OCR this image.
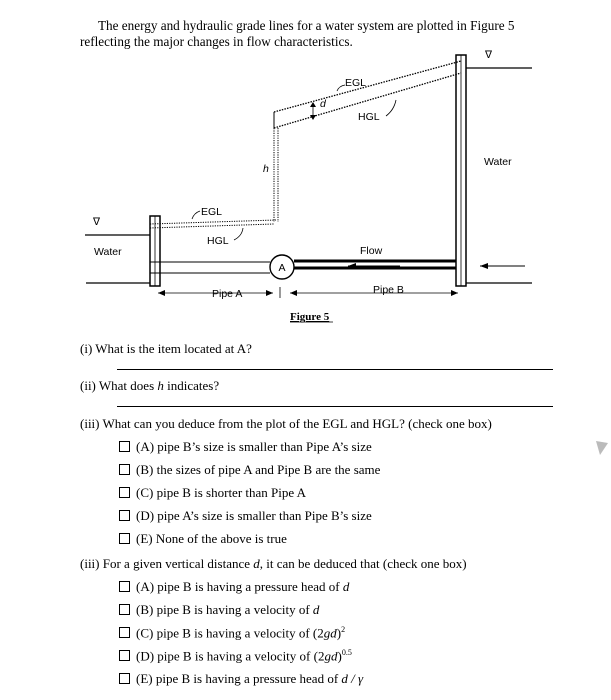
The energy and hydraulic grade lines for a water system are plotted in Figure 5

reflecting the major changes in flow characteristics.

A
d
EGL
HGL
h
EGL
HGL
∇
Water
∇
Water
Flow
Pipe A	Pipe B
Figure 5
(i) What is the item located at A?
(ii) What does h indicates?
(iii) What can you deduce from the plot of the EGL and HGL? (check one box)
(A) pipe B’s size is smaller than Pipe A’s size
(B) the sizes of pipe A and Pipe B are the same
(C) pipe B is shorter than Pipe A
(D) pipe A’s size is smaller than Pipe B’s size
(E) None of the above is true
(iii) For a given vertical distance d, it can be deduced that (check one box)
(A) pipe B is having a pressure head of d
(B) pipe B is having a velocity of d
(C) pipe B is having a velocity of $(2gd)^2$
(D) pipe B is having a velocity of $(2gd)^{0.5}$
(E) pipe B is having a pressure head of d / γ
